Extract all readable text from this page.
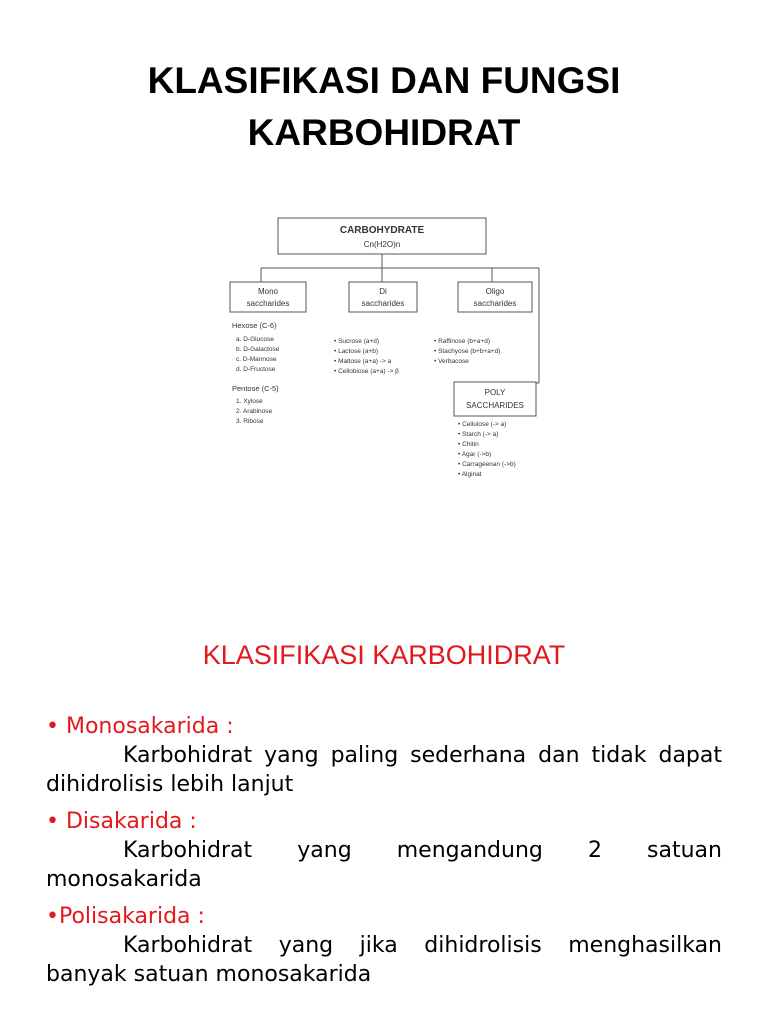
KLASIFIKASI DAN FUNGSI
KARBOHIDRAT
CARBOHYDRATE
Cn(H2O)n
Mono
saccharides
Di
saccharides
Oligo
saccharides
Hexose (C-6)
a. D-Glucose
b. D-Galactose
c. D-Mannose
d. D-Fructose
Pentose (C-5)
1. Xylose
2. Arabinose
3. Ribose
• Sucrose (a+d)
• Lactose (a+b)
• Maltose (a+a) -> a
• Cellobiose (a+a) -> β
• Raffinose (b+a+d)
• Stachyose (b+b+a+d)
• Verbacose
POLY
SACCHARIDES
• Cellulose (-> a)
• Starch (-> a)
• Chitin
• Agar (->b)
• Carrageenan (->b)
• Alginat
KLASIFIKASI KARBOHIDRAT
• Monosakarida :
Karbohidrat yang paling sederhana dan tidak dapat dihidrolisis lebih lanjut
• Disakarida :
Karbohidrat yang mengandung 2 satuan monosakarida
•Polisakarida :
Karbohidrat yang jika dihidrolisis menghasilkan banyak satuan monosakarida
